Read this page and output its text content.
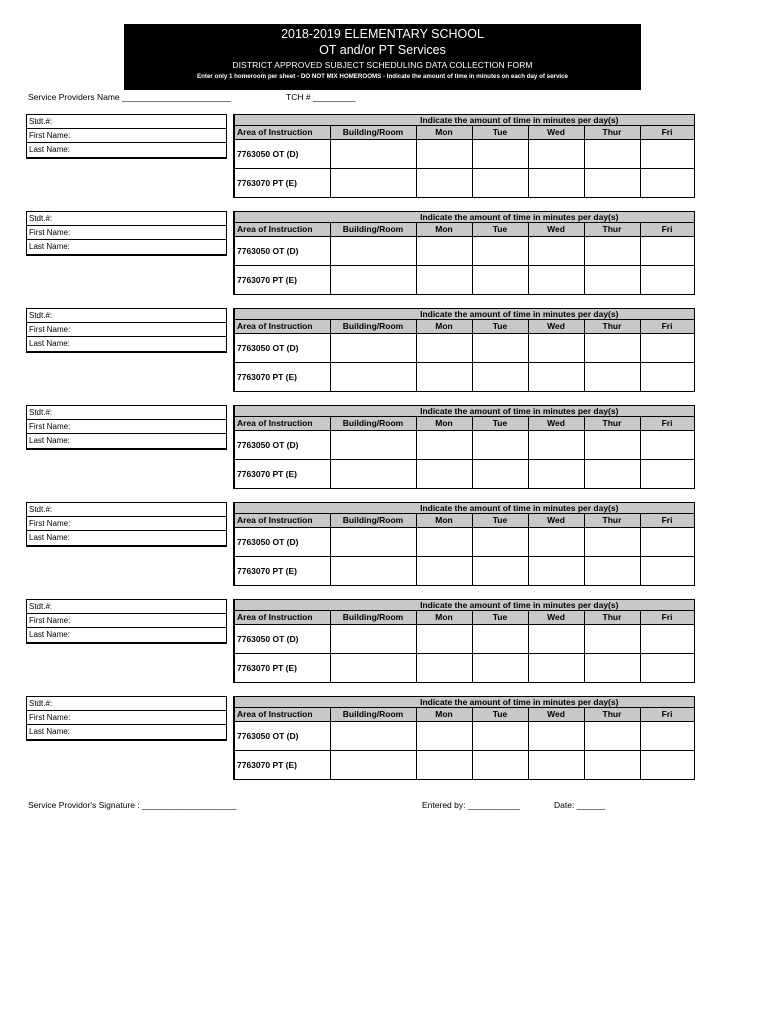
2018-2019 ELEMENTARY SCHOOL
OT and/or PT Services
DISTRICT APPROVED SUBJECT SCHEDULING DATA COLLECTION FORM
Enter only 1 homeroom per sheet - DO NOT MIX HOMEROOMS - Indicate the amount of time in minutes on each day of service
Service Providers Name _______________________	TCH # _________
Stdt.#:
First Name:
Last Name:
Indicate the amount of time in minutes per day(s)						
Area of Instruction	Building/Room	Mon	Tue	Wed	Thur	Fri
7763050 OT (D)						
7763070 PT (E)						
Stdt.#:
First Name:
Last Name:
Indicate the amount of time in minutes per day(s)						
Area of Instruction	Building/Room	Mon	Tue	Wed	Thur	Fri
7763050 OT (D)						
7763070 PT (E)						
Stdt.#:
First Name:
Last Name:
Indicate the amount of time in minutes per day(s)						
Area of Instruction	Building/Room	Mon	Tue	Wed	Thur	Fri
7763050 OT (D)						
7763070 PT (E)						
Stdt.#:
First Name:
Last Name:
Indicate the amount of time in minutes per day(s)						
Area of Instruction	Building/Room	Mon	Tue	Wed	Thur	Fri
7763050 OT (D)						
7763070 PT (E)						
Stdt.#:
First Name:
Last Name:
Indicate the amount of time in minutes per day(s)						
Area of Instruction	Building/Room	Mon	Tue	Wed	Thur	Fri
7763050 OT (D)						
7763070 PT (E)						
Stdt.#:
First Name:
Last Name:
Indicate the amount of time in minutes per day(s)						
Area of Instruction	Building/Room	Mon	Tue	Wed	Thur	Fri
7763050 OT (D)						
7763070 PT (E)						
Stdt.#:
First Name:
Last Name:
Indicate the amount of time in minutes per day(s)						
Area of Instruction	Building/Room	Mon	Tue	Wed	Thur	Fri
7763050 OT (D)						
7763070 PT (E)						
Service Providor's Signature : ____________________	Entered by: ___________	Date: ______
